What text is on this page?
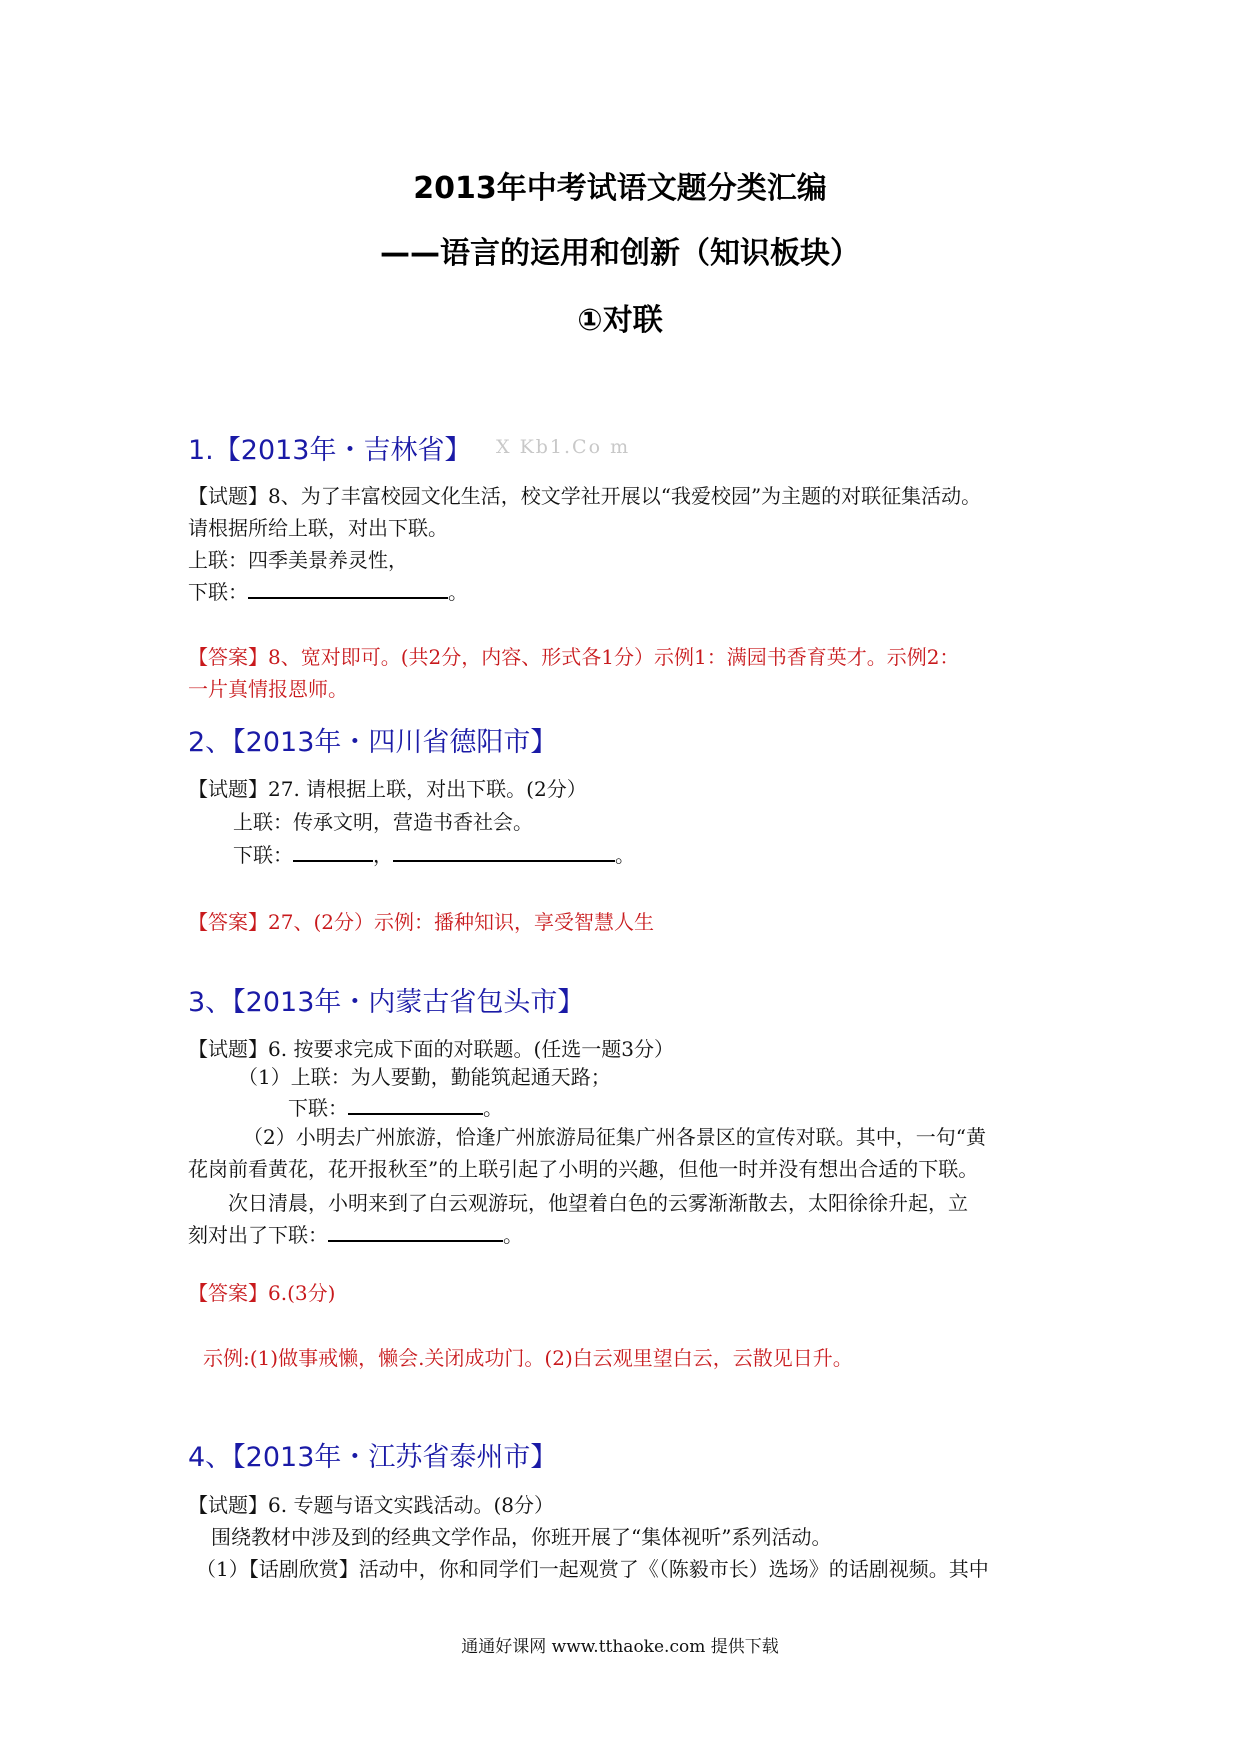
2013年中考试语文题分类汇编
——语言的运用和创新（知识板块）
①对联
1.【2013年・吉林省】 X Kb1.Co m
【试题】8、为了丰富校园文化生活，校文学社开展以“我爱校园”为主题的对联征集活动。
请根据所给上联，对出下联。
上联：四季美景养灵性，
下联：	。
【答案】8、宽对即可。(共2分，内容、形式各1分）示例1：满园书香育英才。示例2：
一片真情报恩师。
2、【2013年・四川省德阳市】
【试题】27. 请根据上联，对出下联。(2分）
上联：传承文明，营造书香社会。
下联：	，	。
【答案】27、(2分）示例：播种知识，享受智慧人生
3、【2013年・内蒙古省包头市】
【试题】6. 按要求完成下面的对联题。(任选一题3分）
（1）上联：为人要勤，勤能筑起通天路；
下联：	。
（2）小明去广州旅游，恰逢广州旅游局征集广州各景区的宣传对联。其中，一句“黄
花岗前看黄花，花开报秋至”的上联引起了小明的兴趣，但他一时并没有想出合适的下联。
次日清晨，小明来到了白云观游玩，他望着白色的云雾渐渐散去，太阳徐徐升起，立
刻对出了下联：	。
【答案】6.(3分)
示例:(1)做事戒懒，懒会.关闭成功门。(2)白云观里望白云，云散见日升。
4、【2013年・江苏省泰州市】
【试题】6. 专题与语文实践活动。(8分）
围绕教材中涉及到的经典文学作品，你班开展了“集体视听”系列活动。
（1）【话剧欣赏】活动中，你和同学们一起观赏了《（陈毅市长）选场》的话剧视频。其中
通通好课网 www.tthaoke.com 提供下载
